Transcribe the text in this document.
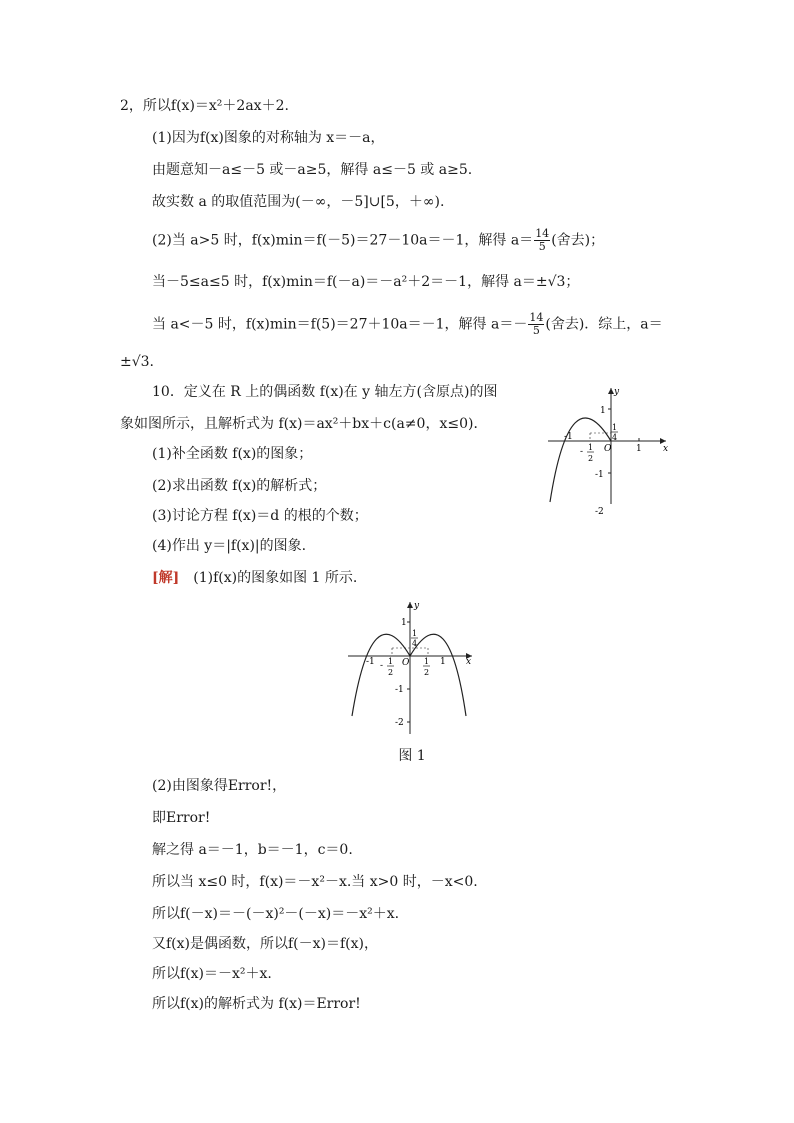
2，所以f(x)＝x²＋2ax＋2.
(1)因为f(x)图象的对称轴为 x＝－a，
由题意知－a≤－5 或－a≥5，解得 a≤－5 或 a≥5.
故实数 a 的取值范围为(－∞，－5]∪[5，＋∞).
(2)当 a>5 时，f(x)min＝f(－5)＝27－10a＝－1，解得 $a= \frac{14}{5}$ (舍去)；
当－5≤a≤5 时，f(x)min＝f(－a)＝－a²＋2＝－1，解得 a＝±√3；
当 a<－5 时，f(x)min＝f(5)＝27＋10a＝－1，解得 $a=- \frac{14}{5}$ (舍去)．综上，a＝
±√3.
10．定义在 R 上的偶函数 f(x)在 y 轴左方(含原点)的图
象如图所示，且解析式为 f(x)＝ax²＋bx＋c(a≠0，x≤0)．
(1)补全函数 f(x)的图象；
(2)求出函数 f(x)的解析式；
(3)讨论方程 f(x)＝d 的根的个数；
(4)作出 y＝|f(x)|的图象.
[解]　(1)f(x)的图象如图 1 所示.
y
x
1
-1
-2
-1
O	1
- 1
2
1
4
y
x
1
-1
-2
-1	O	1
- 1
2
1
2
1
4
图 1
(2)由图象得Error!，
即Error!
解之得 a＝－1，b＝－1，c＝0.
所以当 x≤0 时，f(x)＝－x²－x.当 x>0 时，－x<0.
所以f(－x)＝－(－x)²－(－x)＝－x²＋x.
又f(x)是偶函数，所以f(－x)＝f(x)，
所以f(x)＝－x²＋x.
所以f(x)的解析式为 f(x)＝Error!
